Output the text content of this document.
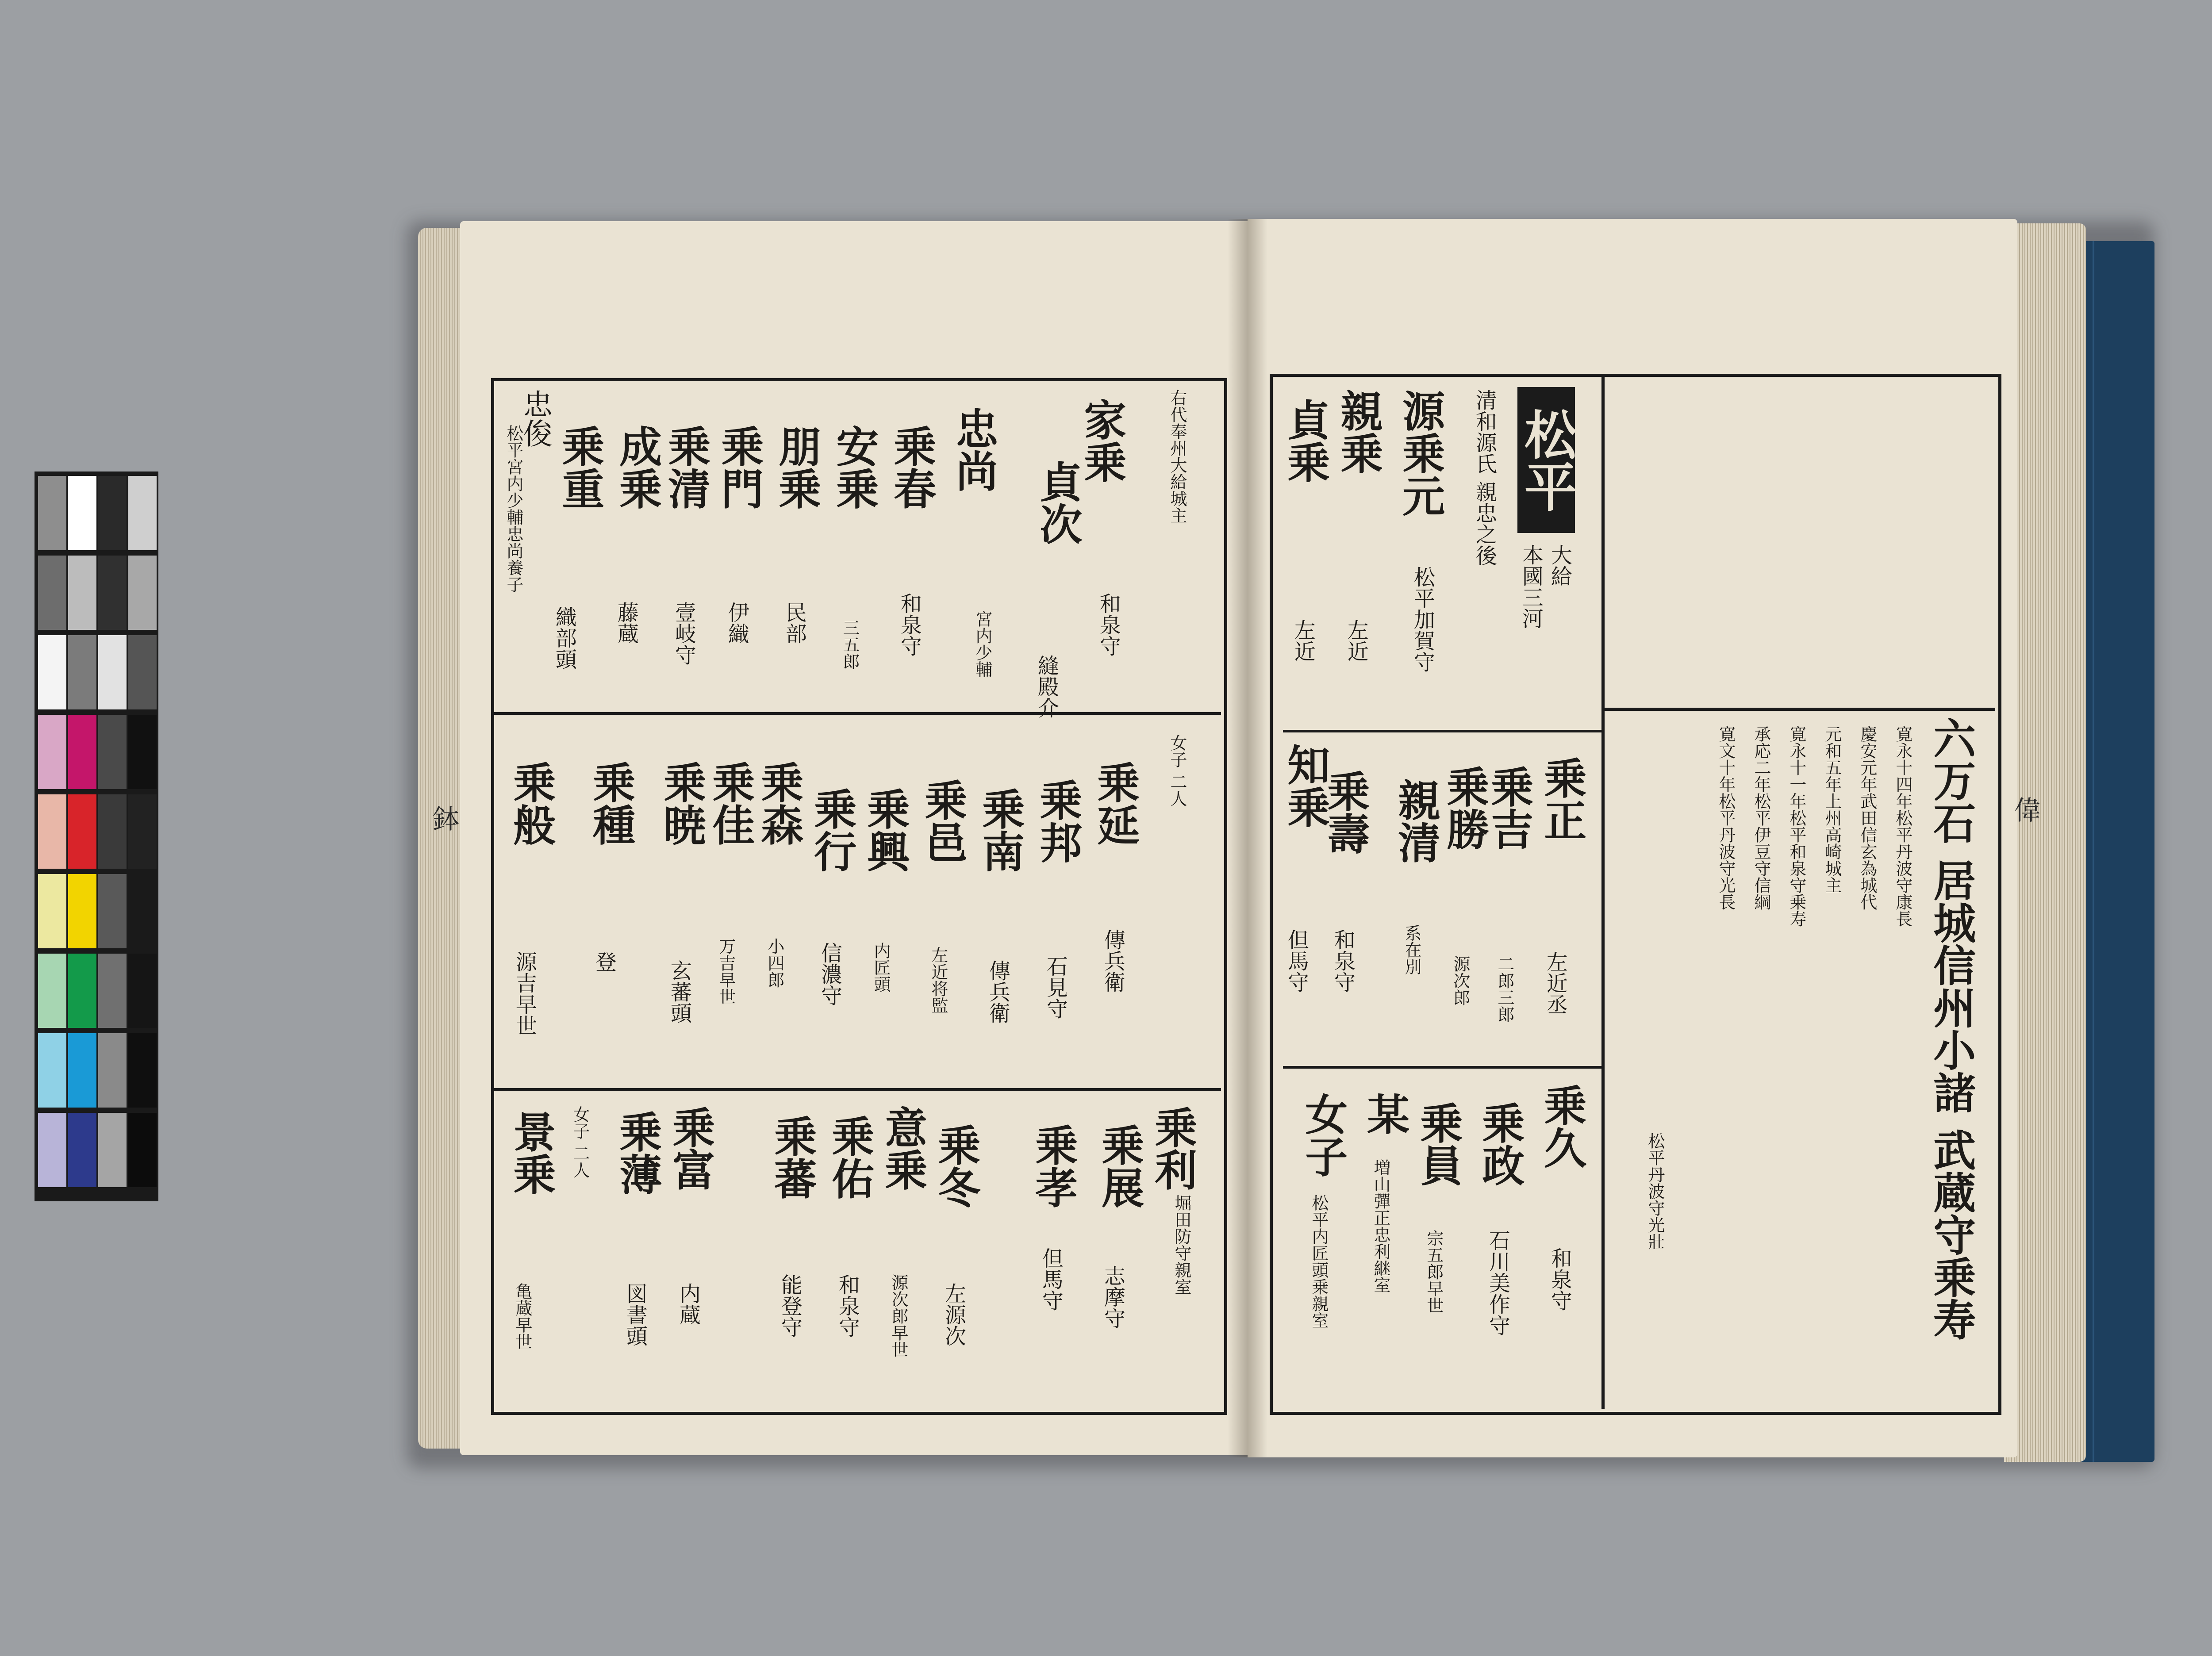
偉
鉢
松平
大給
本國三河
清和源氏 親忠之後
源乗元
松平加賀守
親乗
左近
貞乗
左近
乗正
左近丞
乗吉
二郎三郎
乗勝
源次郎
親清
系在別
乗壽
和泉守
知乗
但馬守
乗久
和泉守
乗政
石川美作守
乗員
宗五郎早世
某
増山彈正忠利継室
女子
松平内匠頭乗親室	六万石 居城信州小諸 武蔵守乗寿
寛永十四年松平丹波守康長
慶安元年武田信玄為城代
元和五年上州高崎城主
寛永十一年松平和泉守乗寿
承応二年松平伊豆守信綱
寛文十年松平丹波守光長
松平丹波守光壯
右代奉州大給城主
家乗
和泉守
貞次
縫殿介
忠尚
宮内少輔
乗春
和泉守
安乗
三五郎
朋乗
民部
乗門
伊織
乗清
壹岐守
成乗
藤蔵
乗重
織部頭
松平宮内少輔忠尚養子
忠俊
女子 二人
乗延
傳兵衛
乗邦
石見守
乗南
傳兵衛
乗邑
左近将監
乗興
内匠頭
乗行
信濃守
乗森
小四郎
乗佳
万吉早世
乗暁
玄蕃頭
乗種
登
乗般
源吉早世
乗利
堀田防守親室
乗展
志摩守
乗孝
但馬守
乗冬
左源次
意乗
源次郎早世
乗佑
和泉守
乗蕃
能登守
乗富
内蔵
乗薄
図書頭
女子 二人
景乗
亀蔵早世
